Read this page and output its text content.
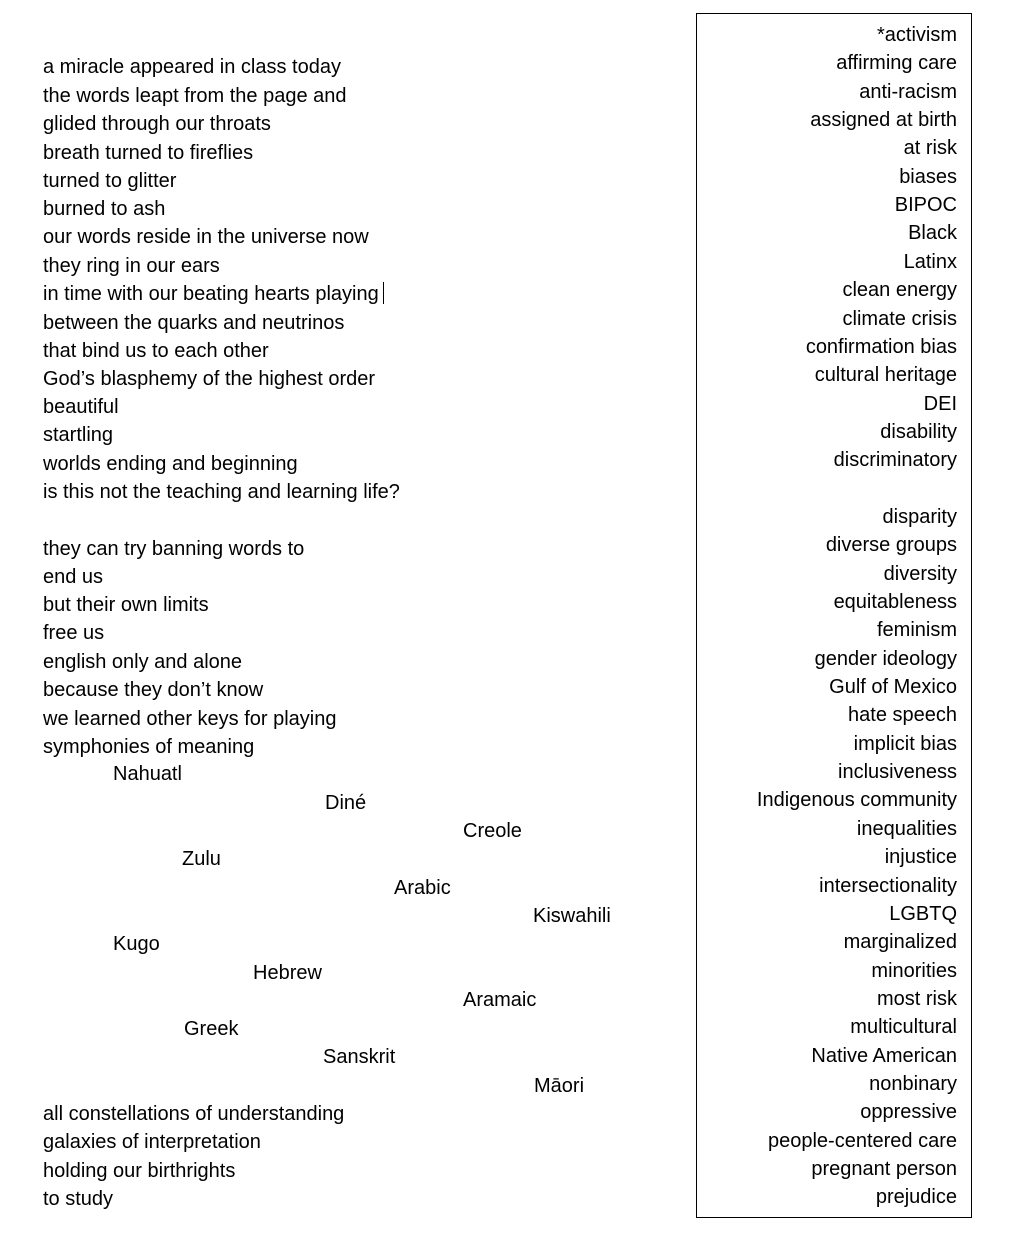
a miracle appeared in class today

the words leapt from the page and

glided through our throats

breath turned to fireflies

turned to glitter

burned to ash

our words reside in the universe now

they ring in our ears

in time with our beating hearts playing

between the quarks and neutrinos

that bind us to each other

God’s blasphemy of the highest order

beautiful

startling

worlds ending and beginning

is this not the teaching and learning life?

they can try banning words to

end us

but their own limits

free us

english only and alone

because they don’t know

we learned other keys for playing

symphonies of meaning

Nahuatl

Diné

Creole

Zulu

Arabic

Kiswahili

Kugo

Hebrew

Aramaic

Greek

Sanskrit

Māori

all constellations of understanding

galaxies of interpretation

holding our birthrights

to study

*activism
affirming care
anti-racism
assigned at birth
at risk
biases
BIPOC
Black
Latinx
clean energy
climate crisis
confirmation bias
cultural heritage
DEI
disability
discriminatory
disparity
diverse groups
diversity
equitableness
feminism
gender ideology
Gulf of Mexico
hate speech
implicit bias
inclusiveness
Indigenous community
inequalities
injustice
intersectionality
LGBTQ
marginalized
minorities
most risk
multicultural
Native American
nonbinary
oppressive
people-centered care
pregnant person
prejudice
